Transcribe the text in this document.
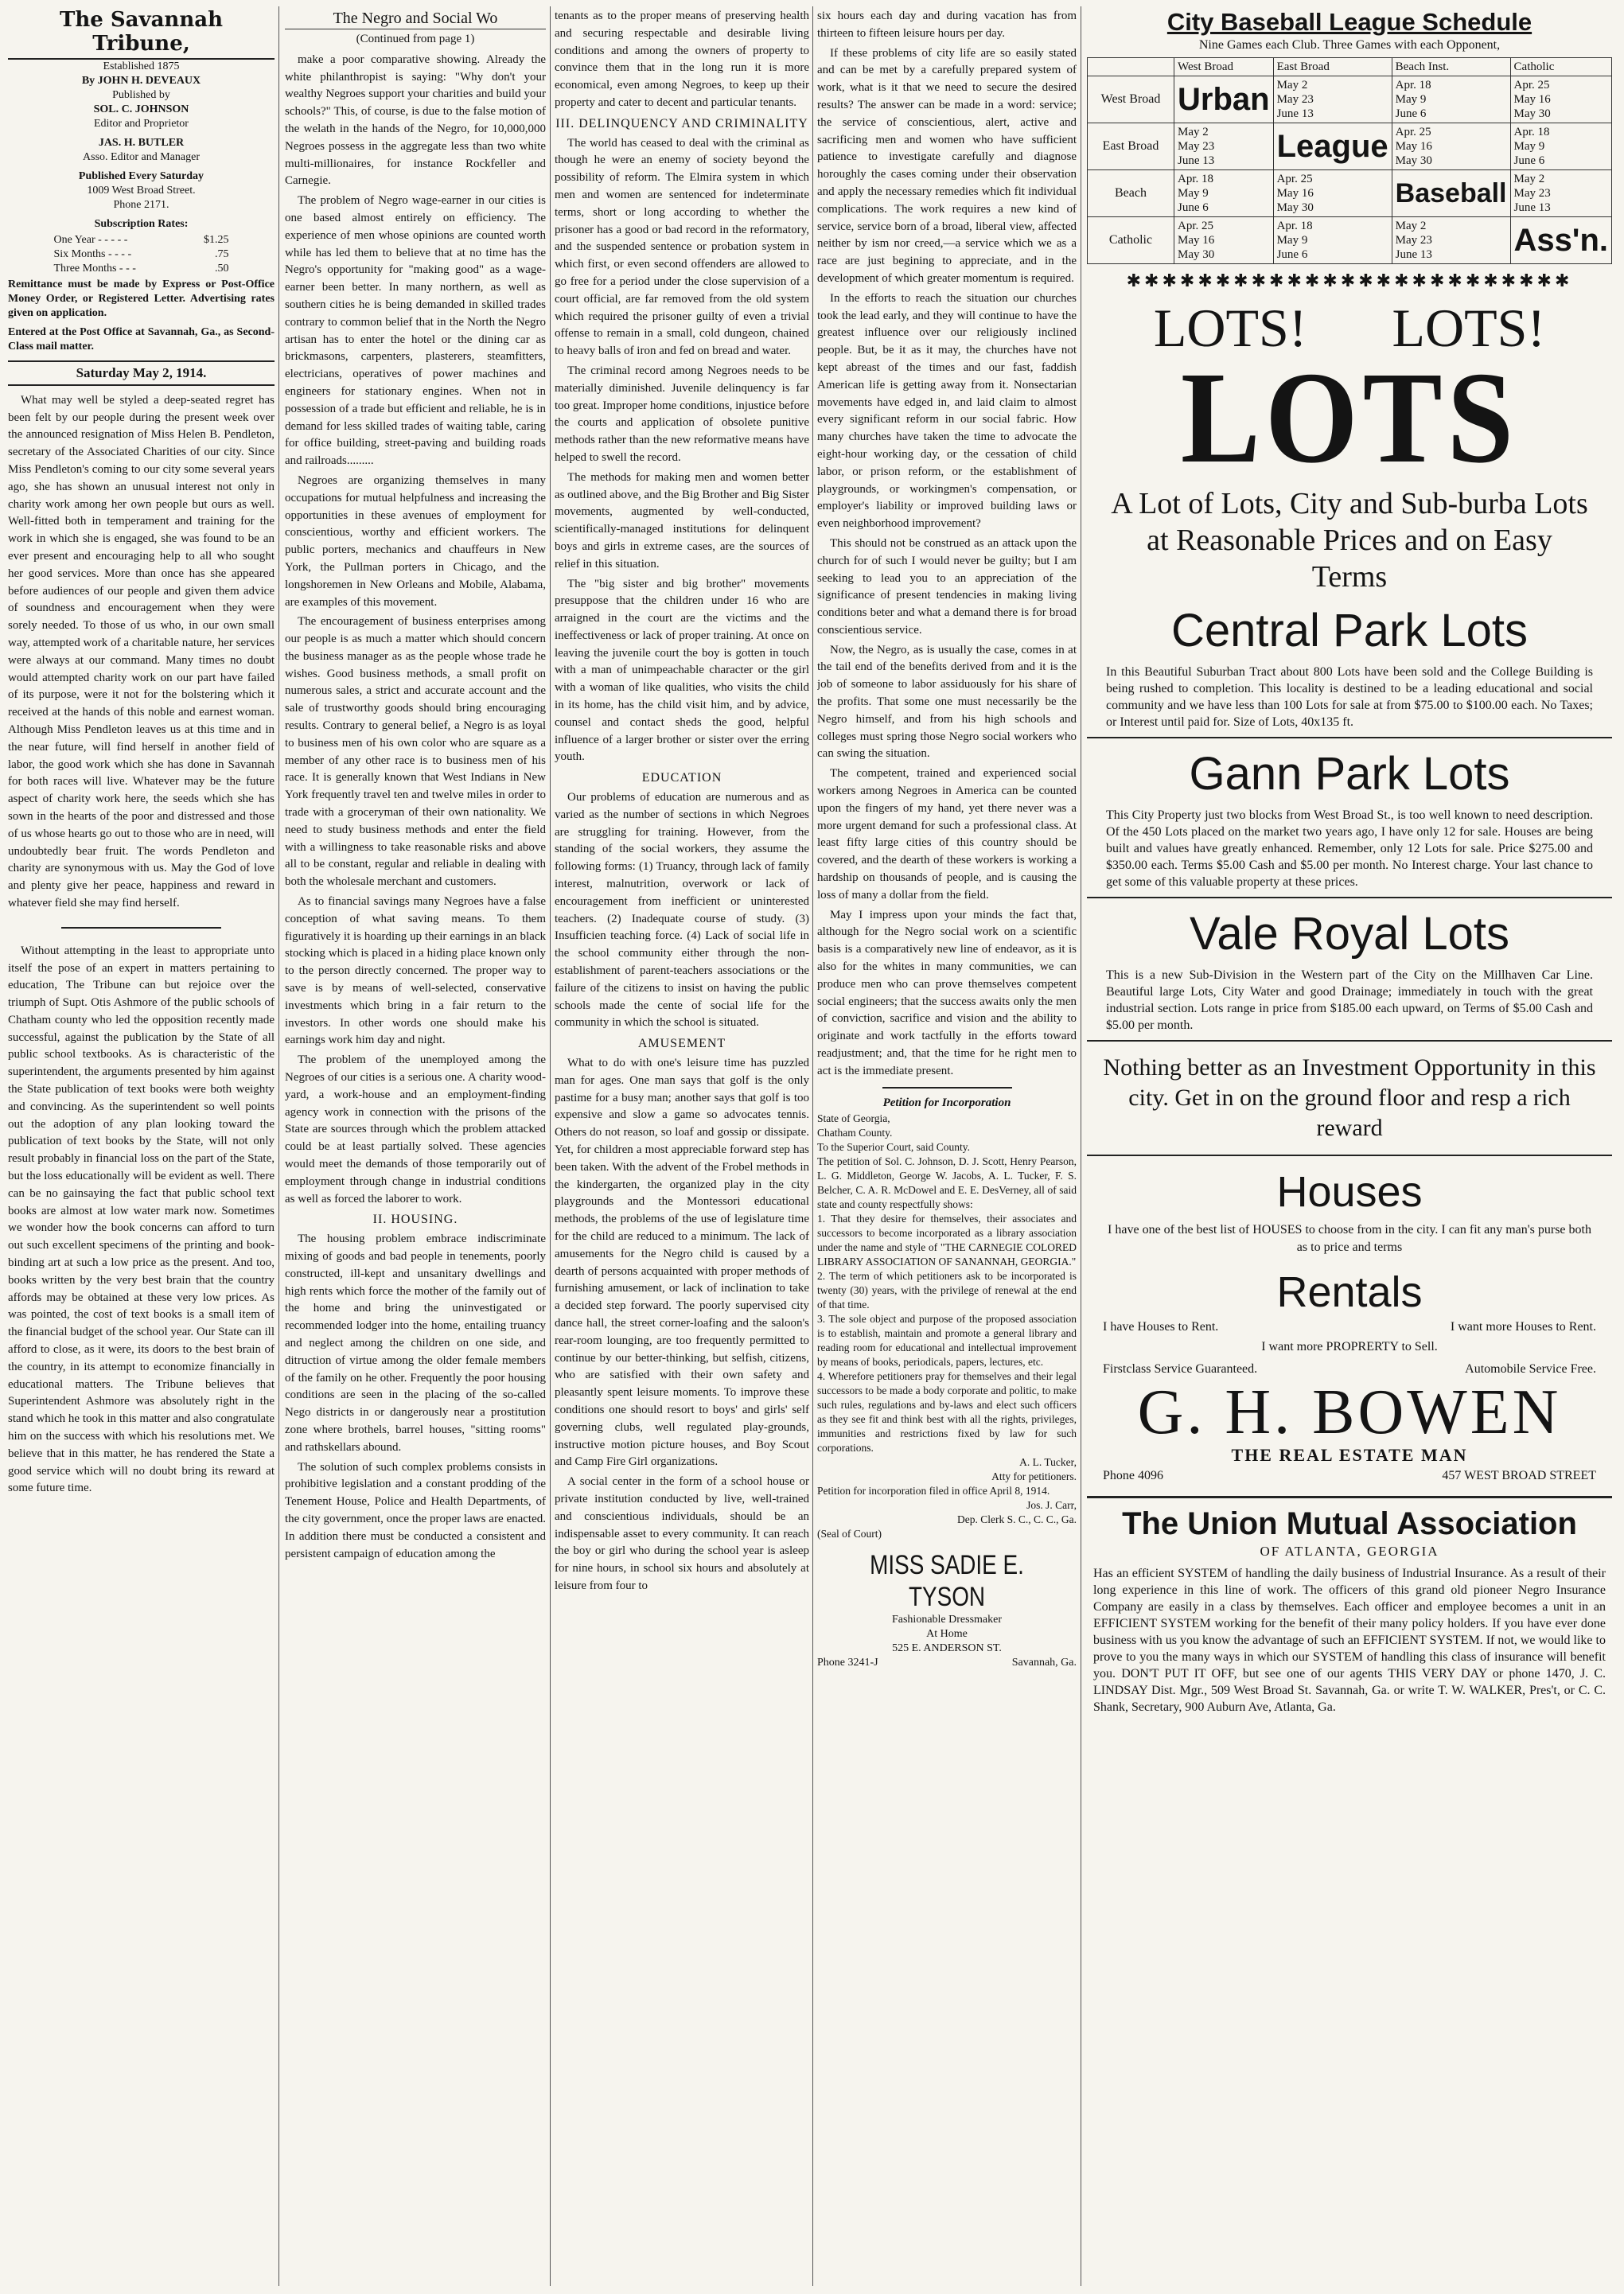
The Savannah Tribune,
Established 1875
By JOHN H. DEVEAUX
Published by
SOL. C. JOHNSON
Editor and Proprietor
JAS. H. BUTLER
Asso. Editor and Manager
Published Every Saturday
1009 West Broad Street.
Phone 2171.
Subscription Rates:
One Year - - - - -	$1.25
Six Months - - - -	.75
Three Months - - -	.50
Remittance must be made by Express or Post-Office Money Order, or Registered Letter. Advertising rates given on application.
Entered at the Post Office at Savannah, Ga., as Second-Class mail matter.
Saturday May 2, 1914.

What may well be styled a deep-seated regret has been felt by our people during the present week over the announced resignation of Miss Helen B. Pendleton, secretary of the Associated Charities of our city. Since Miss Pendleton's coming to our city some several years ago, she has shown an unusual interest not only in charity work among her own people but ours as well. Well-fitted both in temperament and training for the work in which she is engaged, she was found to be an ever present and encouraging help to all who sought her good services. More than once has she appeared before audiences of our people and given them advice of soundness and encouragement when they were sorely needed. To those of us who, in our own small way, attempted work of a charitable nature, her services were always at our command. Many times no doubt would attempted charity work on our part have failed of its purpose, were it not for the bolstering which it received at the hands of this noble and earnest woman. Although Miss Pendleton leaves us at this time and in the near future, will find herself in another field of labor, the good work which she has done in Savannah for both races will live. Whatever may be the future aspect of charity work here, the seeds which she has sown in the hearts of the poor and distressed and those of us whose hearts go out to those who are in need, will undoubtedly bear fruit. The words Pendleton and charity are synonymous with us. May the God of love and plenty give her peace, happiness and reward in whatever field she may find herself.

Without attempting in the least to appropriate unto itself the pose of an expert in matters pertaining to education, The Tribune can but rejoice over the triumph of Supt. Otis Ashmore of the public schools of Chatham county who led the opposition recently made successful, against the publication by the State of all public school textbooks. As is characteristic of the superintendent, the arguments presented by him against the State publication of text books were both weighty and convincing. As the superintendent so well points out the adoption of any plan looking toward the publication of text books by the State, will not only result probably in financial loss on the part of the State, but the loss educationally will be evident as well. There can be no gainsaying the fact that public school text books are almost at low water mark now. Sometimes we wonder how the book concerns can afford to turn out such excellent specimens of the printing and book-binding art at such a low price as the present. And too, books written by the very best brain that the country affords may be obtained at these very low prices. As was pointed, the cost of text books is a small item of the financial budget of the school year. Our State can ill afford to close, as it were, its doors to the best brain of the country, in its attempt to economize financially in educational matters. The Tribune believes that Superintendent Ashmore was absolutely right in the stand which he took in this matter and also congratulate him on the success with which his resolutions met. We believe that in this matter, he has rendered the State a good service which will no doubt bring its reward at some future time.

The Negro and Social Wo
(Continued from page 1)

make a poor comparative showing. Already the white philanthropist is saying: "Why don't your wealthy Negroes support your charities and build your schools?" This, of course, is due to the false motion of the welath in the hands of the Negro, for 10,000,000 Negroes possess in the aggregate less than two white multi-millionaires, for instance Rockfeller and Carnegie.

The problem of Negro wage-earner in our cities is one based almost entirely on efficiency. The experience of men whose opinions are counted worth while has led them to believe that at no time has the Negro's opportunity for "making good" as a wage-earner been better. In many northern, as well as southern cities he is being demanded in skilled trades contrary to common belief that in the North the Negro artisan has to enter the hotel or the dining car as brickmasons, carpenters, plasterers, steamfitters, electricians, operatives of power machines and engineers for stationary engines. When not in possession of a trade but efficient and reliable, he is in demand for less skilled trades of waiting table, caring for office building, street-paving and building roads and railroads.........

Negroes are organizing themselves in many occupations for mutual helpfulness and increasing the opportunities in these avenues of employment for conscientious, worthy and efficient workers. The public porters, mechanics and chauffeurs in New York, the Pullman porters in Chicago, and the longshoremen in New Orleans and Mobile, Alabama, are examples of this movement.

The encouragement of business enterprises among our people is as much a matter which should concern the business manager as as the people whose trade he wishes. Good business methods, a small profit on numerous sales, a strict and accurate account and the sale of trustworthy goods should bring encouraging results. Contrary to general belief, a Negro is as loyal to business men of his own color who are square as a member of any other race is to business men of his race. It is generally known that West Indians in New York frequently travel ten and twelve miles in order to trade with a groceryman of their own nationality. We need to study business methods and enter the field with a willingness to take reasonable risks and above all to be constant, regular and reliable in dealing with both the wholesale merchant and customers.

As to financial savings many Negroes have a false conception of what saving means. To them figuratively it is hoarding up their earnings in an black stocking which is placed in a hiding place known only to the person directly concerned. The proper way to save is by means of well-selected, conservative investments which bring in a fair return to the investors. In other words one should make his earnings work him day and night.

The problem of the unemployed among the Negroes of our cities is a serious one. A charity wood-yard, a work-house and an employment-finding agency work in connection with the prisons of the State are sources through which the problem attacked could be at least partially solved. These agencies would meet the demands of those temporarily out of employment through change in industrial conditions as well as forced the laborer to work.

II. HOUSING.

The housing problem embrace indiscriminate mixing of goods and bad people in tenements, poorly constructed, ill-kept and unsanitary dwellings and high rents which force the mother of the family out of the home and bring the uninvestigated or recommended lodger into the home, entailing truancy and neglect among the children on one side, and ditruction of virtue among the older female members of the family on he other. Frequently the poor housing conditions are seen in the placing of the so-called Nego districts in or dangerously near a prostitution zone where brothels, barrel houses, "sitting rooms" and rathskellars abound.

The solution of such complex problems consists in prohibitive legislation and a constant prodding of the Tenement House, Police and Health Departments, of the city government, once the proper laws are enacted. In addition there must be conducted a consistent and persistent campaign of education among the

tenants as to the proper means of preserving health and securing respectable and desirable living conditions and among the owners of property to convince them that in the long run it is more economical, even among Negroes, to keep up their property and cater to decent and particular tenants.

III. DELINQUENCY AND CRIMINALITY

The world has ceased to deal with the criminal as though he were an enemy of society beyond the possibility of reform. The Elmira system in which men and women are sentenced for indeterminate terms, short or long according to whether the prisoner has a good or bad record in the reformatory, and the suspended sentence or probation system in which first, or even second offenders are allowed to go free for a period under the close supervision of a court official, are far removed from the old system which required the prisoner guilty of even a trivial offense to remain in a small, cold dungeon, chained to heavy balls of iron and fed on bread and water.

The criminal record among Negroes needs to be materially diminished. Juvenile delinquency is far too great. Improper home conditions, injustice before the courts and application of obsolete punitive methods rather than the new reformative means have helped to swell the record.

The methods for making men and women better as outlined above, and the Big Brother and Big Sister movements, augmented by well-conducted, scientifically-managed institutions for delinquent boys and girls in extreme cases, are the sources of relief in this situation.

The "big sister and big brother" movements presuppose that the children under 16 who are arraigned in the court are the victims and the ineffectiveness or lack of proper training. At once on leaving the juvenile court the boy is gotten in touch with a man of unimpeachable character or the girl with a woman of like qualities, who visits the child in its home, has the child visit him, and by advice, counsel and contact sheds the good, helpful influence of a larger brother or sister over the erring youth.

EDUCATION

Our problems of education are numerous and as varied as the number of sections in which Negroes are struggling for training. However, from the standing of the social workers, they assume the following forms: (1) Truancy, through lack of family interest, malnutrition, overwork or lack of encouragement from inefficient or uninterested teachers. (2) Inadequate course of study. (3) Insufficien teaching force. (4) Lack of social life in the school community either through the non-establishment of parent-teachers associations or the failure of the citizens to insist on having the public schools made the cente of social life for the community in which the school is situated.

AMUSEMENT

What to do with one's leisure time has puzzled man for ages. One man says that golf is the only pastime for a busy man; another says that golf is too expensive and slow a game so advocates tennis. Others do not reason, so loaf and gossip or dissipate. Yet, for children a most appreciable forward step has been taken. With the advent of the Frobel methods in the kindergarten, the organized play in the city playgrounds and the Montessori educational methods, the problems of the use of legislature time for the child are reduced to a minimum. The lack of amusements for the Negro child is caused by a dearth of persons acquainted with proper methods of furnishing amusement, or lack of inclination to take a decided step forward. The poorly supervised city dance hall, the street corner-loafing and the saloon's rear-room lounging, are too frequently permitted to continue by our better-thinking, but selfish, citizens, who are satisfied with their own safety and pleasantly spent leisure moments. To improve these conditions one should resort to boys' and girls' self governing clubs, well regulated play-grounds, instructive motion picture houses, and Boy Scout and Camp Fire Girl organizations.

A social center in the form of a school house or private institution conducted by live, well-trained and conscientious individuals, should be an indispensable asset to every community. It can reach the boy or girl who during the school year is asleep for nine hours, in school six hours and absolutely at leisure from four to

six hours each day and during vacation has from thirteen to fifteen leisure hours per day.

If these problems of city life are so easily stated and can be met by a carefully prepared system of work, what is it that we need to secure the desired results? The answer can be made in a word: service; the service of conscientious, alert, active and sacrificing men and women who have sufficient patience to investigate carefully and diagnose horoughly the cases coming under their observation and apply the necessary remedies which fit individual complications. The work requires a new kind of service, service born of a broad, liberal view, affected neither by ism nor creed,—a service which we as a race are just begining to appreciate, and in the development of which greater momentum is required.

In the efforts to reach the situation our churches took the lead early, and they will continue to have the greatest influence over our religiously inclined people. But, be it as it may, the churches have not kept abreast of the times and our fast, faddish American life is getting away from it. Nonsectarian movements have edged in, and laid claim to almost every significant reform in our social fabric. How many churches have taken the time to advocate the eight-hour working day, or the cessation of child labor, or prison reform, or the establishment of playgrounds, or workingmen's compensation, or employer's liability or improved building laws or even neighborhood improvement?

This should not be construed as an attack upon the church for of such I would never be guilty; but I am seeking to lead you to an appreciation of the significance of present tendencies in making living conditions beter and what a demand there is for broad conscientious service.

Now, the Negro, as is usually the case, comes in at the tail end of the benefits derived from and it is the job of someone to labor assiduously for his share of the profits. That some one must necessarily be the Negro himself, and from his high schools and colleges must spring those Negro social workers who can swing the situation.

The competent, trained and experienced social workers among Negroes in America can be counted upon the fingers of my hand, yet there never was a more urgent demand for such a professional class. At least fifty large cities of this country should be covered, and the dearth of these workers is working a hardship on thousands of people, and is causing the loss of many a dollar from the field.

May I impress upon your minds the fact that, although for the Negro social work on a scientific basis is a comparatively new line of endeavor, as it is also for the whites in many communities, we can produce men who can prove themselves competent social engineers; that the success awaits only the men of conviction, sacrifice and vision and the ability to originate and work tactfully in the efforts toward readjustment; and, that the time for he right men to act is the immediate present.

Petition for Incorporation
State of Georgia,
Chatham County.
To the Superior Court, said County.
The petition of Sol. C. Johnson, D. J. Scott, Henry Pearson, L. G. Middleton, George W. Jacobs, A. L. Tucker, F. S. Belcher, C. A. R. McDowel and E. E. DesVerney, all of said state and county respectfully shows:
1. That they desire for themselves, their associates and successors to become incorporated as a library association under the name and style of "THE CARNEGIE COLORED LIBRARY ASSOCIATION OF SANANNAH, GEORGIA."
2. The term of which petitioners ask to be incorporated is twenty (30) years, with the privilege of renewal at the end of that time.
3. The sole object and purpose of the proposed association is to establish, maintain and promote a general library and reading room for educational and intellectual improvement by means of books, periodicals, papers, lectures, etc.
4. Wherefore petitioners pray for themselves and their legal successors to be made a body corporate and politic, to make such rules, regulations and by-laws and elect such officers as they see fit and think best with all the rights, privileges, immunities and restrictions fixed by law for such corporations.
A. L. Tucker,
Atty for petitioners.
Petition for incorporation filed in office April 8, 1914.
Jos. J. Carr,
Dep. Clerk S. C., C. C., Ga.
(Seal of Court)
MISS SADIE E. TYSON
Fashionable Dressmaker
At Home
525 E. ANDERSON ST.
Phone 3241-J	Savannah, Ga.
City Baseball League Schedule
Nine Games each Club. Three Games with each Opponent,
	West Broad	East Broad	Beach Inst.	Catholic
West Broad	Urban	May 2
May 23
June 13	Apr. 18
May 9
June 6	Apr. 25
May 16
May 30
East Broad	May 2
May 23
June 13	League	Apr. 25
May 16
May 30	Apr. 18
May 9
June 6
Beach	Apr. 18
May 9
June 6	Apr. 25
May 16
May 30	Baseball	May 2
May 23
June 13
Catholic	Apr. 25
May 16
May 30	Apr. 18
May 9
June 6	May 2
May 23
June 13	Ass'n.
✱✱✱✱✱✱✱✱✱✱✱✱✱✱✱✱✱✱✱✱✱✱✱✱✱
LOTS! LOTS!
LOTS
A Lot of Lots, City and Sub-burba Lots at Reasonable Prices and on Easy Terms
Central Park Lots
In this Beautiful Suburban Tract about 800 Lots have been sold and the College Building is being rushed to completion. This locality is destined to be a leading educational and social community and we have less than 100 Lots for sale at from $75.00 to $100.00 each. No Taxes; or Interest until paid for. Size of Lots, 40x135 ft.
Gann Park Lots
This City Property just two blocks from West Broad St., is too well known to need description. Of the 450 Lots placed on the market two years ago, I have only 12 for sale. Houses are being built and values have greatly enhanced. Remember, only 12 Lots for sale. Price $275.00 and $350.00 each. Terms $5.00 Cash and $5.00 per month. No Interest charge. Your last chance to get some of this valuable property at these prices.
Vale Royal Lots
This is a new Sub-Division in the Western part of the City on the Millhaven Car Line. Beautiful large Lots, City Water and good Drainage; immediately in touch with the great industrial section. Lots range in price from $185.00 each upward, on Terms of $5.00 Cash and $5.00 per month.
Nothing better as an Investment Opportunity in this city. Get in on the ground floor and resp a rich reward
Houses
I have one of the best list of HOUSES to choose from in the city. I can fit any man's purse both as to price and terms
Rentals
I have Houses to Rent.	I want more Houses to Rent.
I want more PROPRERTY to Sell.
Firstclass Service Guaranteed.	Automobile Service Free.
G. H. BOWEN
THE REAL ESTATE MAN
Phone 4096	457 WEST BROAD STREET
The Union Mutual Association
OF ATLANTA, GEORGIA
Has an efficient SYSTEM of handling the daily business of Industrial Insurance. As a result of their long experience in this line of work. The officers of this grand old pioneer Negro Insurance Company are easily in a class by themselves. Each officer and employee becomes a unit in an EFFICIENT SYSTEM working for the benefit of their many policy holders. If you have ever done business with us you know the advantage of such an EFFICIENT SYSTEM. If not, we would like to prove to you the many ways in which our SYSTEM of handling this class of insurance will benefit you. DON'T PUT IT OFF, but see one of our agents THIS VERY DAY or phone 1470, J. C. LINDSAY Dist. Mgr., 509 West Broad St. Savannah, Ga. or write T. W. WALKER, Pres't, or C. C. Shank, Secretary, 900 Auburn Ave, Atlanta, Ga.
